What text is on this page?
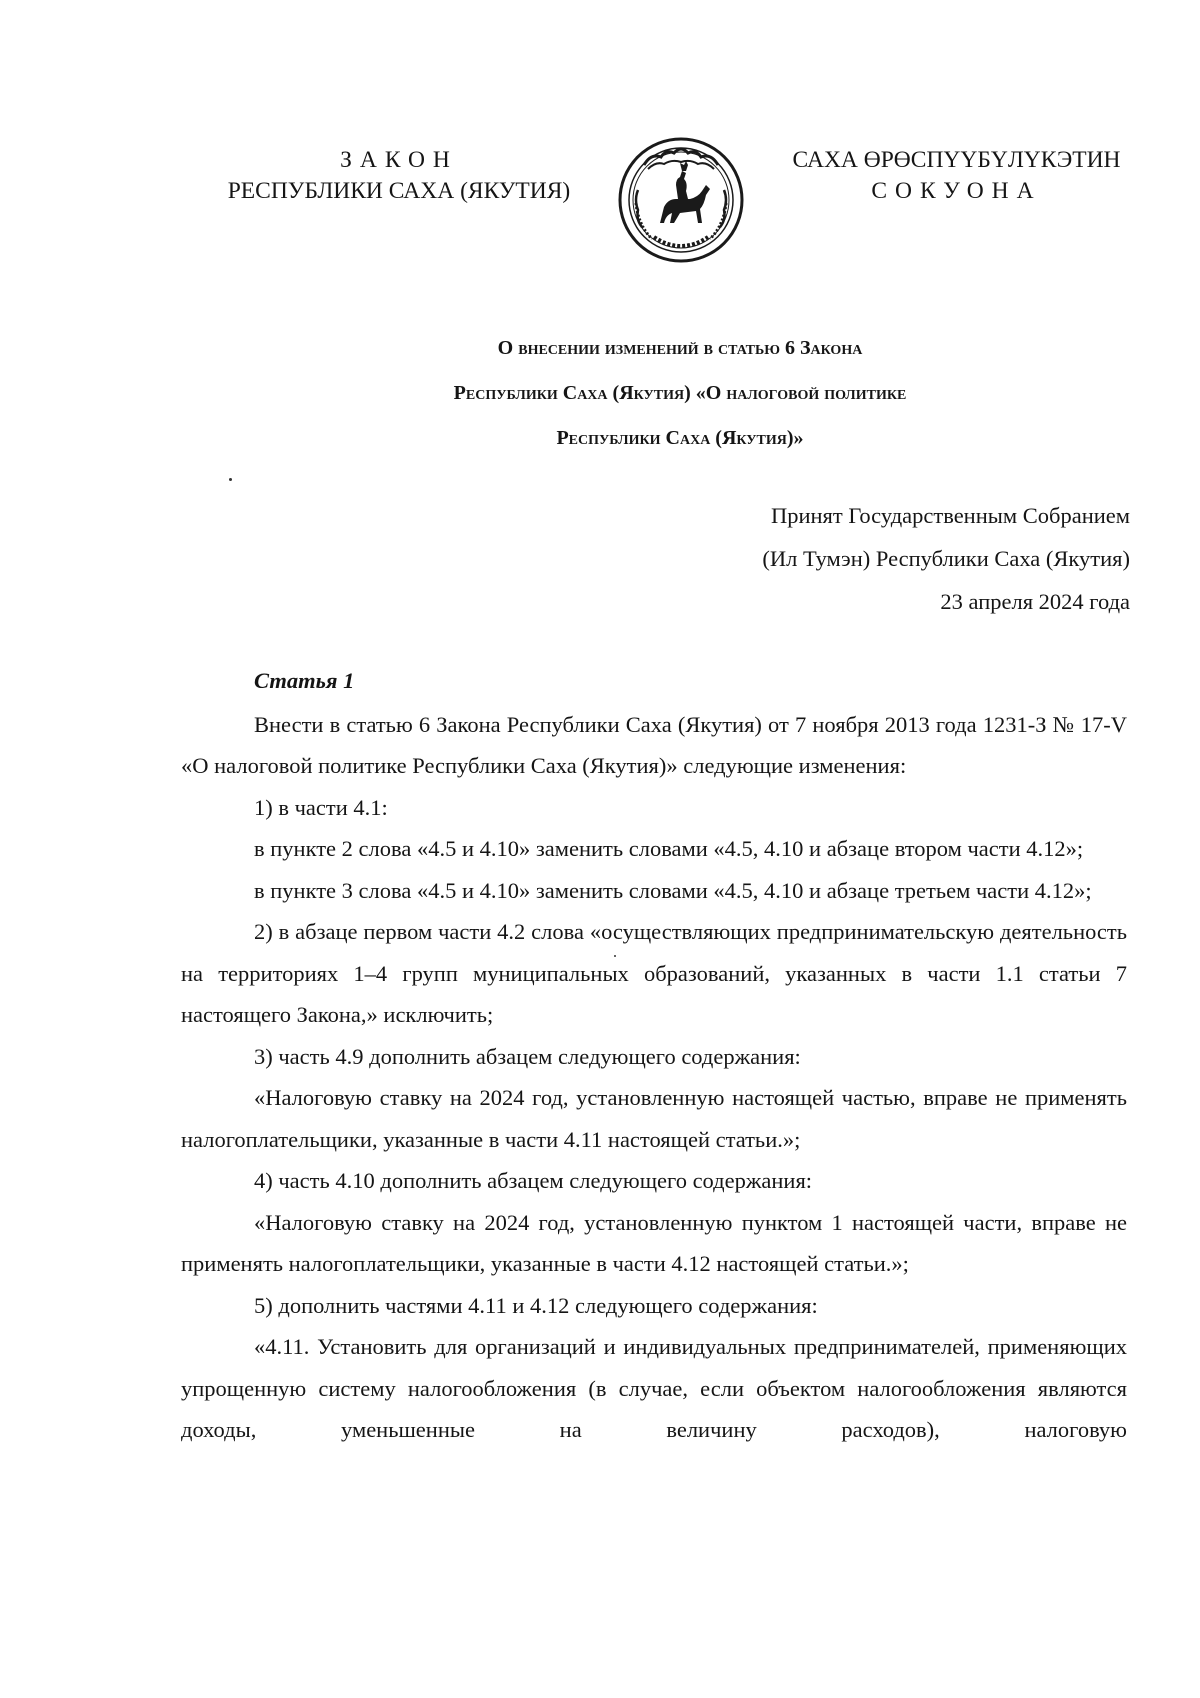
ЗАКОН
РЕСПУБЛИКИ САХА (ЯКУТИЯ)
САХА ӨРӨСПҮҮБҮЛҮКЭТИН
СОКУОНА
О внесении изменений в статью 6 Закона
Республики Саха (Якутия) «О налоговой политике
Республики Саха (Якутия)»
Принят Государственным Собранием
(Ил Тумэн) Республики Саха (Якутия)
23 апреля 2024 года

Статья 1

Внести в статью 6 Закона Республики Саха (Якутия) от 7 ноября 2013 года 1231-З № 17-V «О налоговой политике Республики Саха (Якутия)» следующие изменения:

1) в части 4.1:

в пункте 2 слова «4.5 и 4.10» заменить словами «4.5, 4.10 и абзаце втором части 4.12»;

в пункте 3 слова «4.5 и 4.10» заменить словами «4.5, 4.10 и абзаце третьем части 4.12»;

2) в абзаце первом части 4.2 слова «осуществляющих предпринимательскую деятельность на территориях 1–4 групп муниципальных образований, указанных в части 1.1 статьи 7 настоящего Закона,» исключить;

3) часть 4.9 дополнить абзацем следующего содержания:

«Налоговую ставку на 2024 год, установленную настоящей частью, вправе не применять налогоплательщики, указанные в части 4.11 настоящей статьи.»;

4) часть 4.10 дополнить абзацем следующего содержания:

«Налоговую ставку на 2024 год, установленную пунктом 1 настоящей части, вправе не применять налогоплательщики, указанные в части 4.12 настоящей статьи.»;

5) дополнить частями 4.11 и 4.12 следующего содержания:

«4.11. Установить для организаций и индивидуальных предпринимателей, применяющих упрощенную систему налогообложения (в случае, если объектом налогообложения являются доходы, уменьшенные на величину расходов), налоговую
